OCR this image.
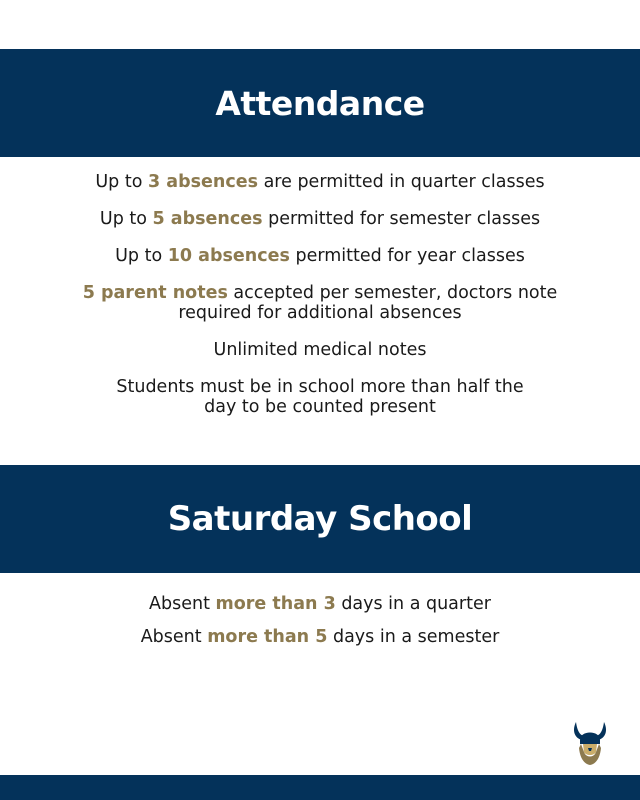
Attendance

Up to 3 absences are permitted in quarter classes

Up to 5 absences permitted for semester classes

Up to 10 absences permitted for year classes

5 parent notes accepted per semester, doctors note required for additional absences

Unlimited medical notes

Students must be in school more than half the day to be counted present

Saturday School

Absent more than 3 days in a quarter

Absent more than 5 days in a semester
